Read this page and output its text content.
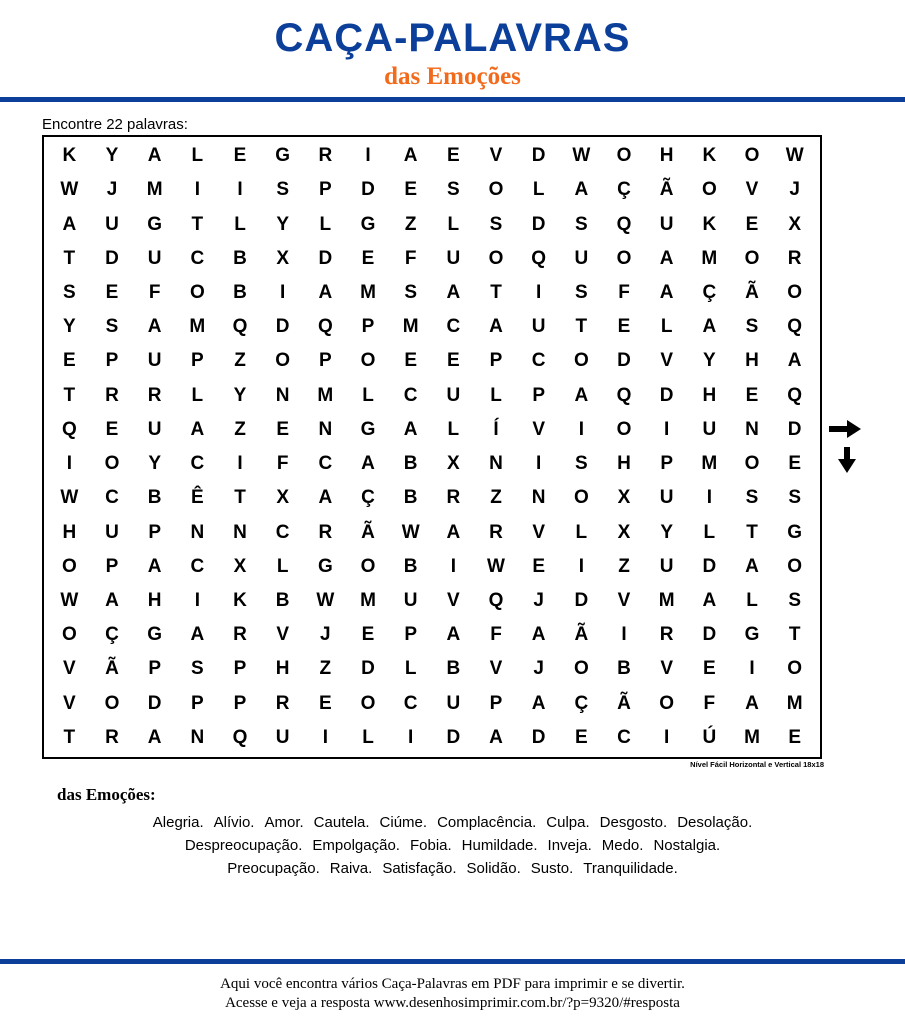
CAÇA-PALAVRAS
das Emoções
Encontre 22 palavras:
K	Y	A	L	E	G	R	I	A	E	V	D	W	O	H	K	O	W
W	J	M	I	I	S	P	D	E	S	O	L	A	Ç	Ã	O	V	J
A	U	G	T	L	Y	L	G	Z	L	S	D	S	Q	U	K	E	X
T	D	U	C	B	X	D	E	F	U	O	Q	U	O	A	M	O	R
S	E	F	O	B	I	A	M	S	A	T	I	S	F	A	Ç	Ã	O
Y	S	A	M	Q	D	Q	P	M	C	A	U	T	E	L	A	S	Q
E	P	U	P	Z	O	P	O	E	E	P	C	O	D	V	Y	H	A
T	R	R	L	Y	N	M	L	C	U	L	P	A	Q	D	H	E	Q
Q	E	U	A	Z	E	N	G	A	L	Í	V	I	O	I	U	N	D
I	O	Y	C	I	F	C	A	B	X	N	I	S	H	P	M	O	E
W	C	B	Ê	T	X	A	Ç	B	R	Z	N	O	X	U	I	S	S
H	U	P	N	N	C	R	Ã	W	A	R	V	L	X	Y	L	T	G
O	P	A	C	X	L	G	O	B	I	W	E	I	Z	U	D	A	O
W	A	H	I	K	B	W	M	U	V	Q	J	D	V	M	A	L	S
O	Ç	G	A	R	V	J	E	P	A	F	A	Ã	I	R	D	G	T
V	Ã	P	S	P	H	Z	D	L	B	V	J	O	B	V	E	I	O
V	O	D	P	P	R	E	O	C	U	P	A	Ç	Ã	O	F	A	M
T	R	A	N	Q	U	I	L	I	D	A	D	E	C	I	Ú	M	E
Nível Fácil Horizontal e Vertical 18x18
das Emoções:
Alegria. Alívio. Amor. Cautela. Ciúme. Complacência. Culpa. Desgosto. Desolação.
Despreocupação. Empolgação. Fobia. Humildade. Inveja. Medo. Nostalgia.
Preocupação. Raiva. Satisfação. Solidão. Susto. Tranquilidade.
Aqui você encontra vários Caça-Palavras em PDF para imprimir e se divertir.
Acesse e veja a resposta www.desenhosimprimir.com.br/?p=9320/#resposta
